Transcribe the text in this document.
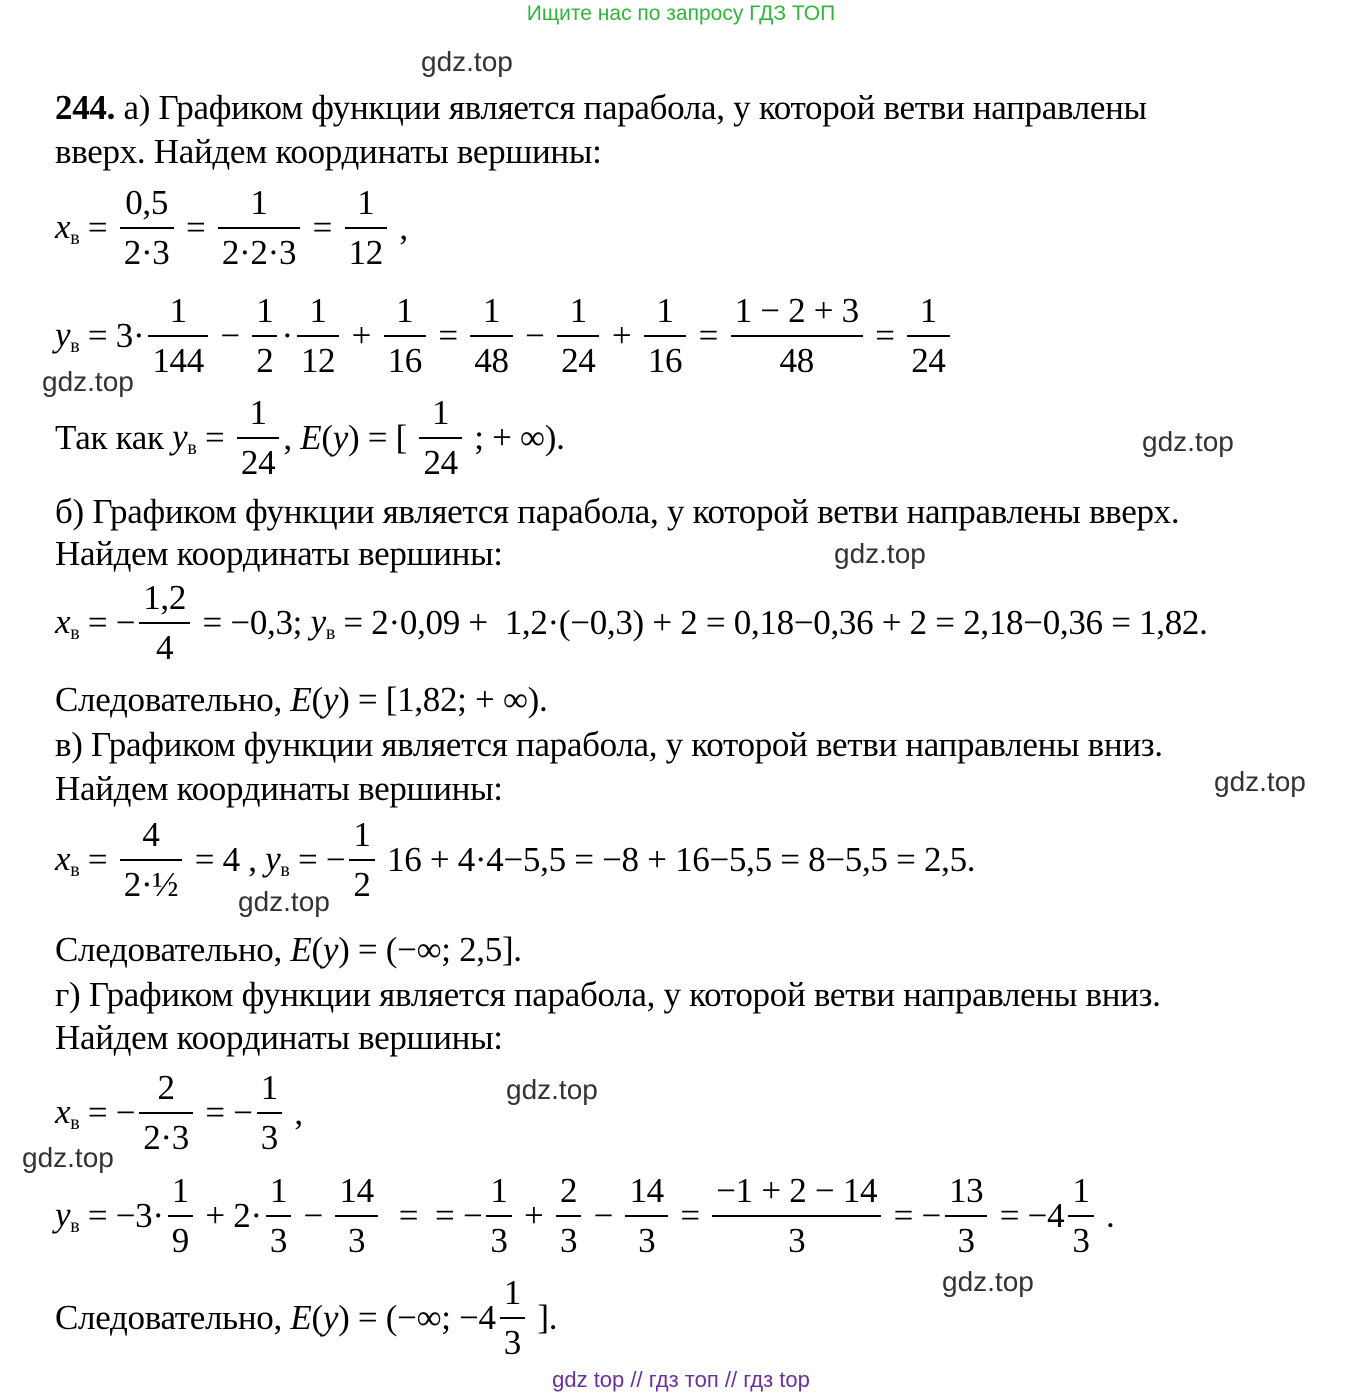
Ищите нас по запросу ГДЗ ТОП
244. а) Графиком функции является парабола, у которой ветви направлены
вверх. Найдем координаты вершины:
$x_в = \frac{0,5}{2\cdot 3} = \frac{1}{2\cdot 2\cdot 3} = \frac{1}{12}$ ,
$y_в = 3\cdot \frac{1}{144} - \frac{1}{2} \cdot \frac{1}{12} + \frac{1}{16} = \frac{1}{48} - \frac{1}{24} + \frac{1}{16} = \frac{1 - 2 + 3}{48} = \frac{1}{24}$
Так как $y_в = \frac{1}{24}$ , E ( y ) = [ $\frac{1}{24}$ ; + ∞).
б) Графиком функции является парабола, у которой ветви направлены вверх.
Найдем координаты вершины:
$x_в$ = − $\frac{1,2}{4} = -0,3$; $y_в = 2\cdot 0,09 + 1,2\cdot(-0,3) + 2 = 0,18-0,36 + 2 = 2,18-0,36 = 1,82$.
Следовательно, E ( y ) = [1,82; + ∞).
в) Графиком функции является парабола, у которой ветви направлены вниз.
Найдем координаты вершины:
$x_в = \frac{4}{\text{2·½}} = 4$ , $y_в$ = − $\frac{1}{2} 16 + 4\cdot 4-5,5 = -8 + 16-5,5 = 8-5,5 = 2,5$.
Следовательно, E ( y ) = (−∞; 2,5].
г) Графиком функции является парабола, у которой ветви направлены вниз.
Найдем координаты вершины:
$x_в$ = − $\frac{2}{2\cdot 3}$ = − $\frac{1}{3}$ ,
$y_в = -3\cdot \frac{1}{9} + 2\cdot \frac{1}{3} - \frac{14}{3}$ =  = − $\frac{1}{3} + \frac{2}{3} - \frac{14}{3} = \frac{-1 + 2 - 14}{3}$ = − $\frac{13}{3} = -4 \frac{1}{3}$ .
Следовательно, E ( y ) = (−∞; $-4 \frac{1}{3}$ ].
gdz.top
gdz.top
gdz.top
gdz.top
gdz.top
gdz.top
gdz.top
gdz.top
gdz.top
gdz top // гдз топ // гдз top
